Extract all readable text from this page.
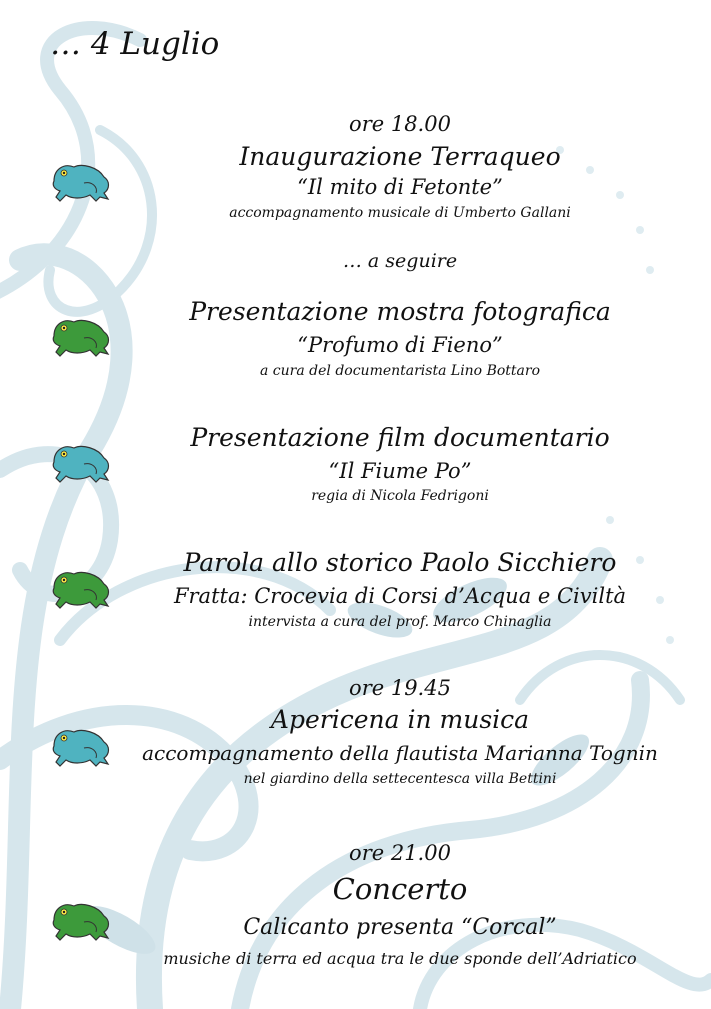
… 4 Luglio
ore 18.00
Inaugurazione Terraqueo
“Il mito di Fetonte”
accompagnamento musicale di Umberto Gallani
… a seguire
Presentazione mostra fotografica
“Profumo di Fieno”
a cura del documentarista Lino Bottaro
Presentazione film documentario
“Il Fiume Po”
regia di Nicola Fedrigoni
Parola allo storico Paolo Sicchiero
Fratta: Crocevia di Corsi d’Acqua e Civiltà
intervista a cura del prof. Marco Chinaglia
ore 19.45
Apericena in musica
accompagnamento della flautista Marianna Tognin
nel giardino della settecentesca villa Bettini
ore 21.00
Concerto
Calicanto presenta “Corcal”
musiche di terra ed acqua tra le due sponde dell’Adriatico
